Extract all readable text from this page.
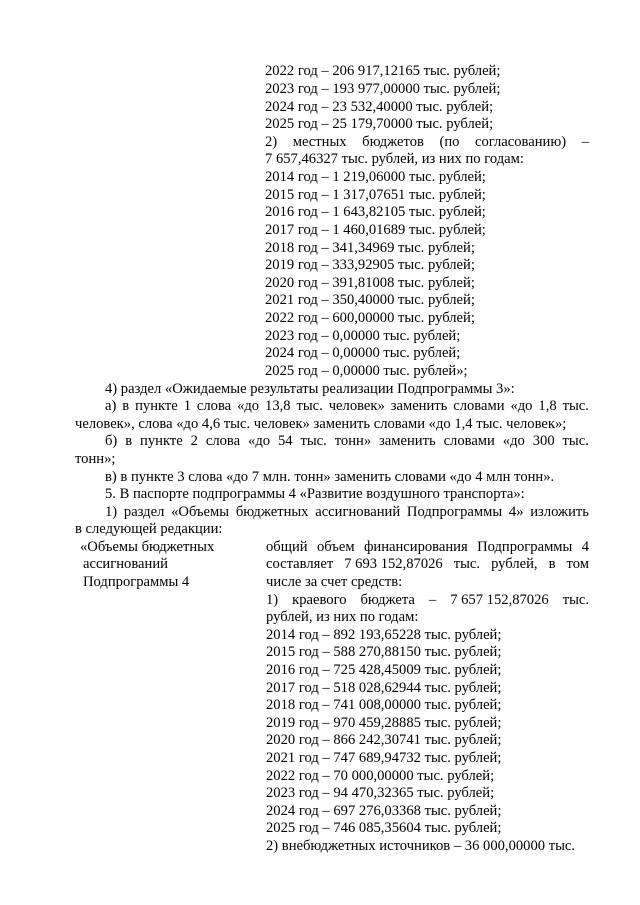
2022 год – 206 917,12165 тыс. рублей;
2023 год – 193 977,00000 тыс. рублей;
2024 год – 23 532,40000 тыс. рублей;
2025 год – 25 179,70000 тыс. рублей;
2) местных бюджетов (по согласованию) –
7 657,46327 тыс. рублей, из них по годам:
2014 год – 1 219,06000 тыс. рублей;
2015 год – 1 317,07651 тыс. рублей;
2016 год – 1 643,82105 тыс. рублей;
2017 год – 1 460,01689 тыс. рублей;
2018 год – 341,34969 тыс. рублей;
2019 год – 333,92905 тыс. рублей;
2020 год – 391,81008 тыс. рублей;
2021 год – 350,40000 тыс. рублей;
2022 год – 600,00000 тыс. рублей;
2023 год – 0,00000 тыс. рублей;
2024 год – 0,00000 тыс. рублей;
2025 год – 0,00000 тыс. рублей»;
4) раздел «Ожидаемые результаты реализации Подпрограммы 3»:
а) в пункте 1 слова «до 13,8 тыс. человек» заменить словами «до 1,8 тыс.
человек», слова «до 4,6 тыс. человек» заменить словами «до 1,4 тыс. человек»;
б) в пункте 2 слова «до 54 тыс. тонн» заменить словами «до 300 тыс.
тонн»;
в) в пункте 3 слова «до 7 млн. тонн» заменить словами «до 4 млн тонн».
5. В паспорте подпрограммы 4 «Развитие воздушного транспорта»:
1) раздел «Объемы бюджетных ассигнований Подпрограммы 4» изложить
в следующей редакции:
«Объемы бюджетных
ассигнований
Подпрограммы 4
общий объем финансирования Подпрограммы 4
составляет 7 693 152,87026 тыс. рублей, в том
числе за счет средств:
1) краевого бюджета – 7 657 152,87026 тыс.
рублей, из них по годам:
2014 год – 892 193,65228 тыс. рублей;
2015 год – 588 270,88150 тыс. рублей;
2016 год – 725 428,45009 тыс. рублей;
2017 год – 518 028,62944 тыс. рублей;
2018 год – 741 008,00000 тыс. рублей;
2019 год – 970 459,28885 тыс. рублей;
2020 год – 866 242,30741 тыс. рублей;
2021 год – 747 689,94732 тыс. рублей;
2022 год – 70 000,00000 тыс. рублей;
2023 год – 94 470,32365 тыс. рублей;
2024 год – 697 276,03368 тыс. рублей;
2025 год – 746 085,35604 тыс. рублей;
2) внебюджетных источников – 36 000,00000 тыс.
